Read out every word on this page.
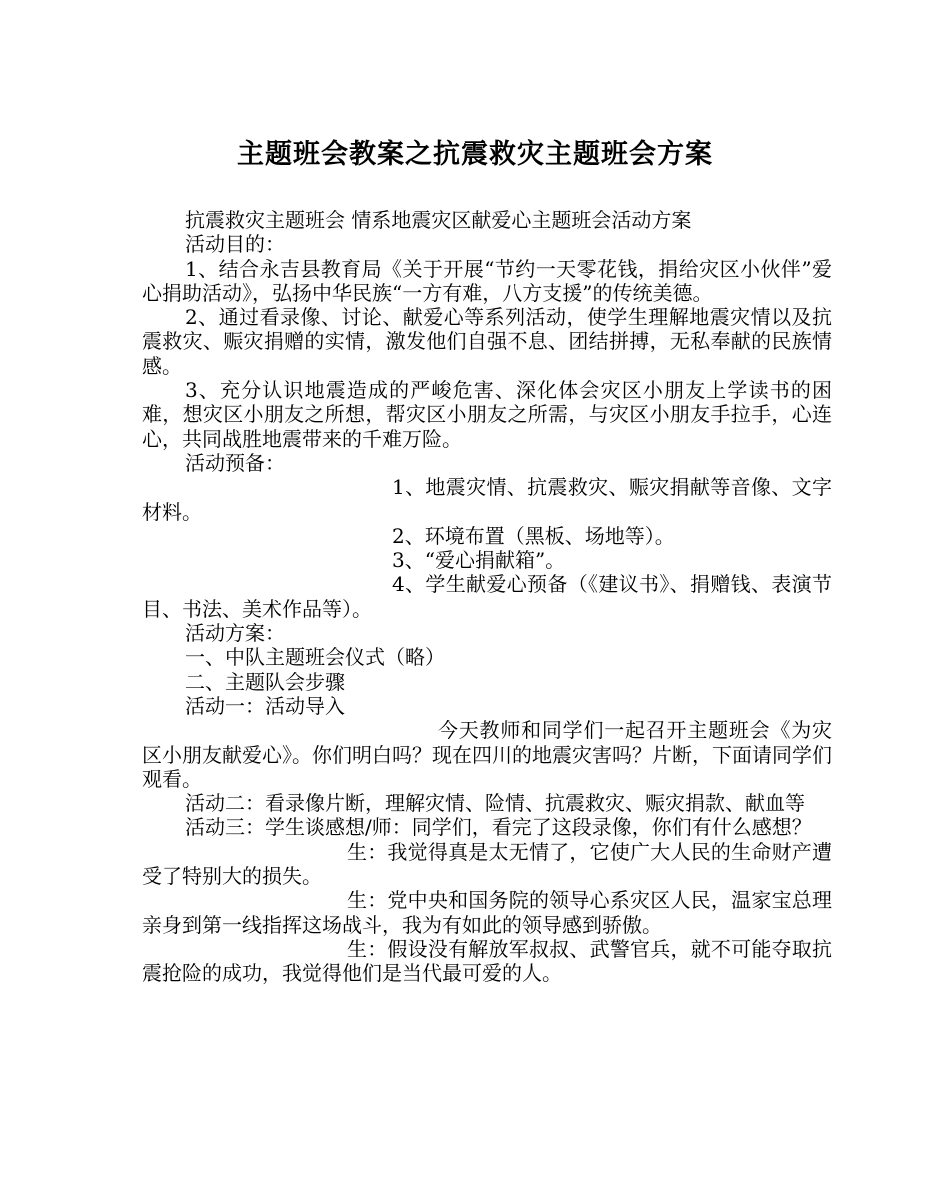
主题班会教案之抗震救灾主题班会方案

抗震救灾主题班会 情系地震灾区献爱心主题班会活动方案

活动目的：

1、结合永吉县教育局《关于开展“节约一天零花钱，捐给灾区小伙伴”爱心捐助活动》，弘扬中华民族“一方有难，八方支援”的传统美德。

2、通过看录像、讨论、献爱心等系列活动，使学生理解地震灾情以及抗震救灾、赈灾捐赠的实情，激发他们自强不息、团结拼搏，无私奉献的民族情感。

3、充分认识地震造成的严峻危害、深化体会灾区小朋友上学读书的困难，想灾区小朋友之所想，帮灾区小朋友之所需，与灾区小朋友手拉手，心连心，共同战胜地震带来的千难万险。

活动预备：

1、地震灾情、抗震救灾、赈灾捐献等音像、文字材料。

2、环境布置（黑板、场地等）。

3、“爱心捐献箱”。

4、学生献爱心预备（《建议书》、捐赠钱、表演节目、书法、美术作品等）。

活动方案：

一、中队主题班会仪式（略）

二、主题队会步骤

活动一：活动导入

今天教师和同学们一起召开主题班会《为灾区小朋友献爱心》。你们明白吗？现在四川的地震灾害吗？片断，下面请同学们观看。

活动二：看录像片断，理解灾情、险情、抗震救灾、赈灾捐款、献血等

活动三：学生谈感想/师：同学们，看完了这段录像，你们有什么感想？

生：我觉得真是太无情了，它使广大人民的生命财产遭受了特别大的损失。

生：党中央和国务院的领导心系灾区人民，温家宝总理亲身到第一线指挥这场战斗，我为有如此的领导感到骄傲。

生：假设没有解放军叔叔、武警官兵，就不可能夺取抗震抢险的成功，我觉得他们是当代最可爱的人。
